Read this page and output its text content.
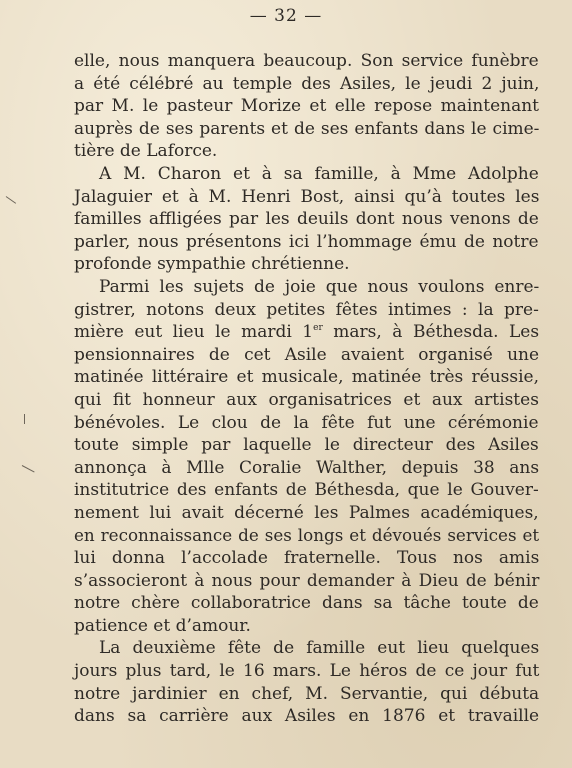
— 32 —
elle, nous manquera beaucoup. Son service funèbre
a été célébré au temple des Asiles, le jeudi 2 juin,
par M. le pasteur Morize et elle repose maintenant
auprès de ses parents et de ses enfants dans le cime-
tière de Laforce.
A M. Charon et à sa famille, à Mme Adolphe
Jalaguier et à M. Henri Bost, ainsi qu’à toutes les
familles affligées par les deuils dont nous venons de
parler, nous présentons ici l’hommage ému de notre
profonde sympathie chrétienne.
Parmi les sujets de joie que nous voulons enre-
gistrer, notons deux petites fêtes intimes : la pre-
mière eut lieu le mardi 1er mars, à Béthesda. Les
pensionnaires de cet Asile avaient organisé une
matinée littéraire et musicale, matinée très réussie,
qui fit honneur aux organisatrices et aux artistes
bénévoles. Le clou de la fête fut une cérémonie
toute simple par laquelle le directeur des Asiles
annonça à Mlle Coralie Walther, depuis 38 ans
institutrice des enfants de Béthesda, que le Gouver-
nement lui avait décerné les Palmes académiques,
en reconnaissance de ses longs et dévoués services et
lui donna l’accolade fraternelle. Tous nos amis
s’associeront à nous pour demander à Dieu de bénir
notre chère collaboratrice dans sa tâche toute de
patience et d’amour.
La deuxième fête de famille eut lieu quelques
jours plus tard, le 16 mars. Le héros de ce jour fut
notre jardinier en chef, M. Servantie, qui débuta
dans sa carrière aux Asiles en 1876 et travaille
